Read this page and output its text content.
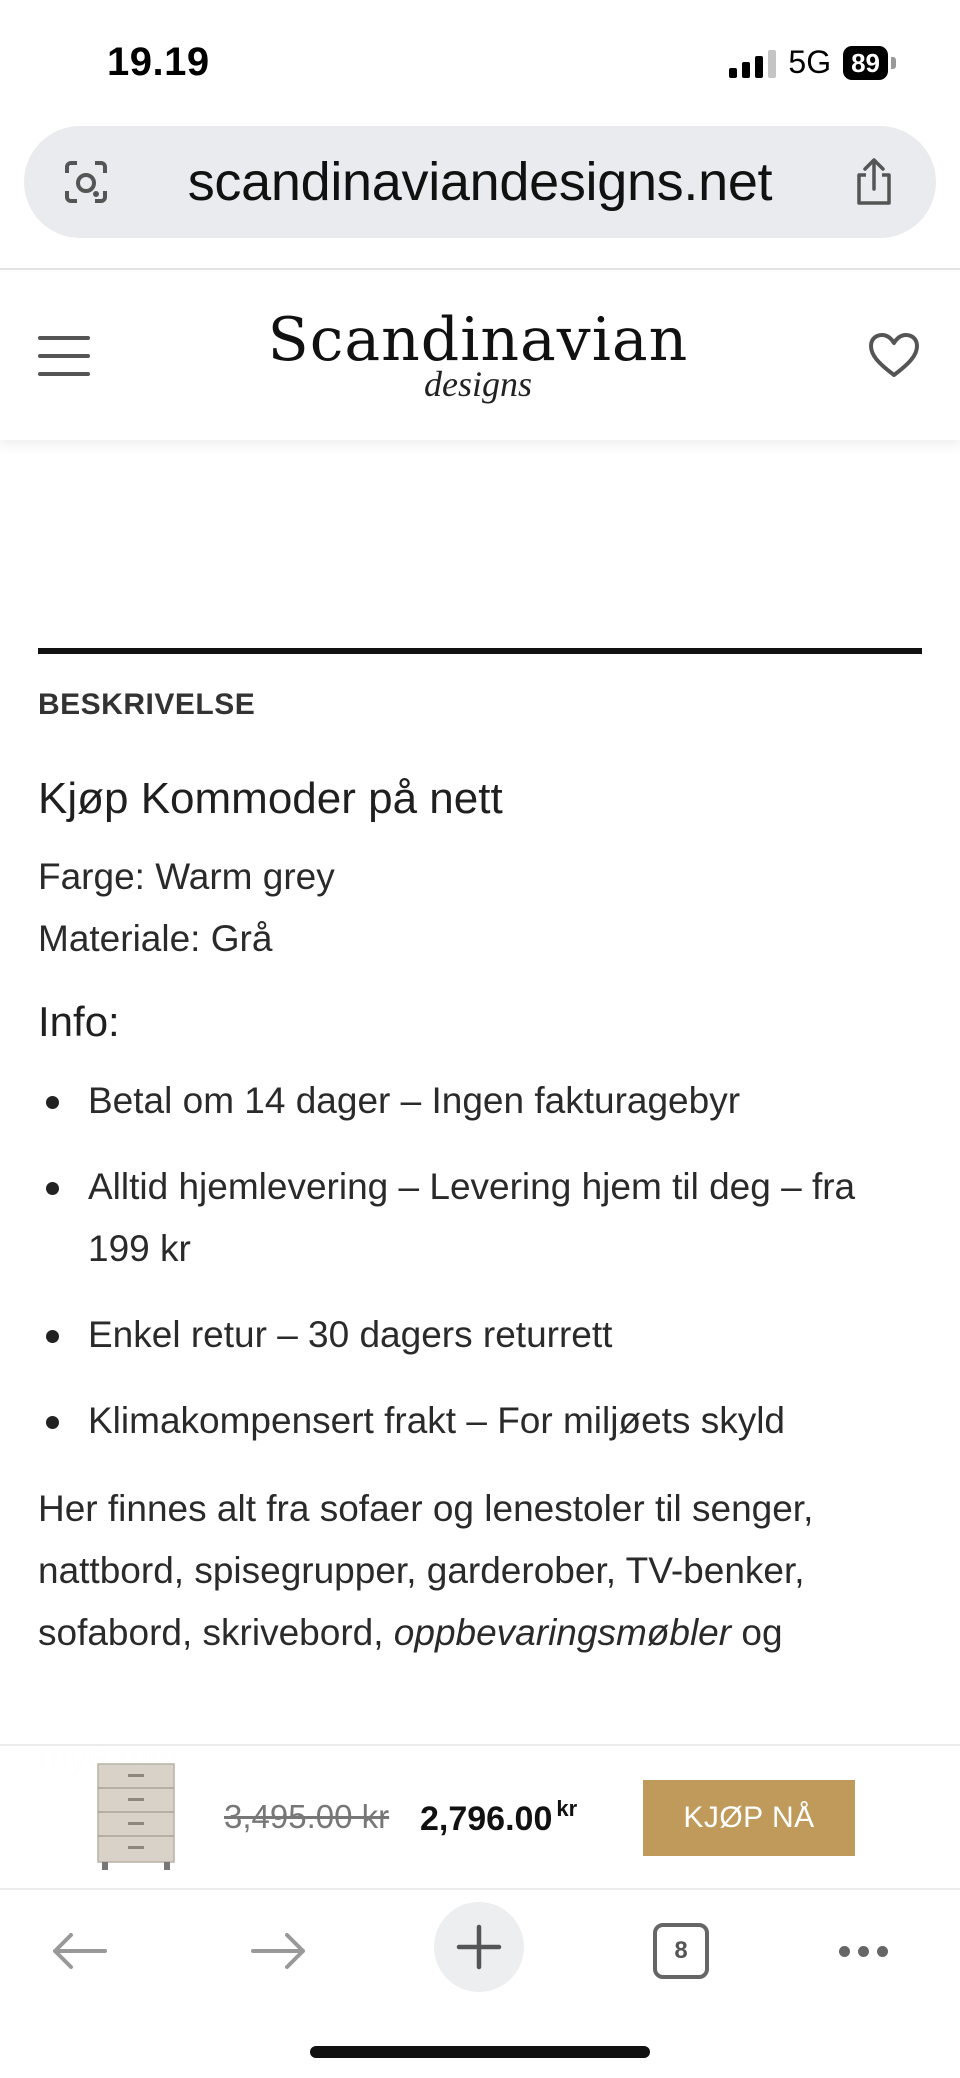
19.19	5G 89
scandinaviandesigns.net
Scandinavian
designs
BESKRIVELSE
Kjøp Kommoder på nett
Farge: Warm grey
Materiale: Grå
Info:
Betal om 14 dager – Ingen fakturagebyr
Alltid hjemlevering – Levering hjem til deg – fra 199 kr
Enkel retur – 30 dagers returrett
Klimakompensert frakt – For miljøets skyld

Her finnes alt fra sofaer og lenestoler til senger, nattbord, spisegrupper, garderober, TV-benker, sofabord, skrivebord, oppbevaringsmøbler og

3,495.00 kr 2,796.00 $^{kr}$	KJØP NÅ
8
